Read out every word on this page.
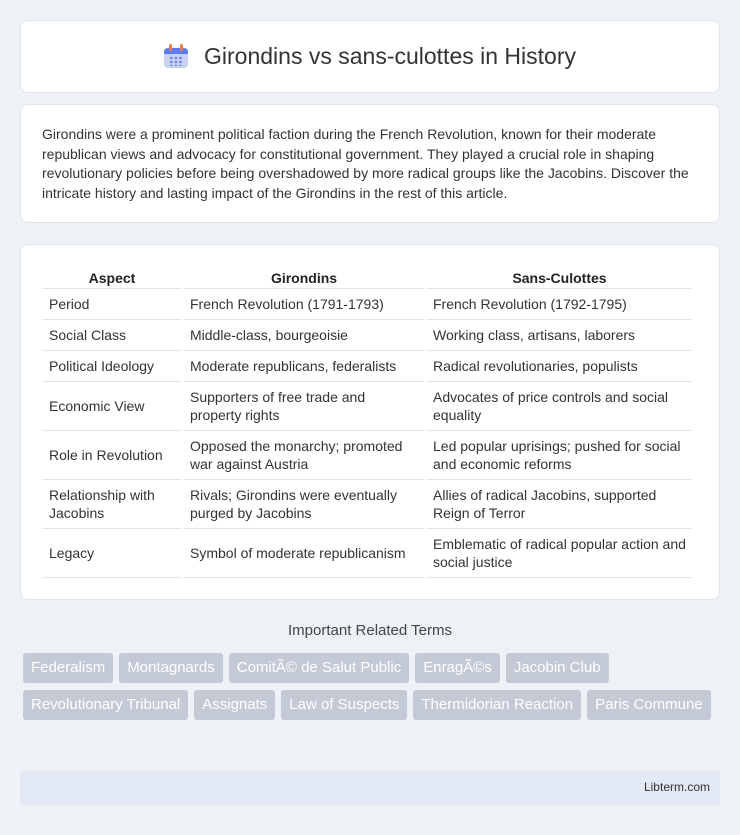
Girondins vs sans-culottes in History

Girondins were a prominent political faction during the French Revolution, known for their moderate republican views and advocacy for constitutional government. They played a crucial role in shaping revolutionary policies before being overshadowed by more radical groups like the Jacobins. Discover the intricate history and lasting impact of the Girondins in the rest of this article.

Aspect	Girondins	Sans-Culottes
Period	French Revolution (1791-1793)	French Revolution (1792-1795)
Social Class	Middle-class, bourgeoisie	Working class, artisans, laborers
Political Ideology	Moderate republicans, federalists	Radical revolutionaries, populists
Economic View	Supporters of free trade and property rights	Advocates of price controls and social equality
Role in Revolution	Opposed the monarchy; promoted war against Austria	Led popular uprisings; pushed for social and economic reforms
Relationship with Jacobins	Rivals; Girondins were eventually purged by Jacobins	Allies of radical Jacobins, supported Reign of Terror
Legacy	Symbol of moderate republicanism	Emblematic of radical popular action and social justice
Important Related Terms
Federalism	Montagnards	ComitÃ© de Salut Public	EnragÃ©s	Jacobin Club
Revolutionary Tribunal	Assignats	Law of Suspects	Thermidorian Reaction	Paris Commune
Libterm.com
